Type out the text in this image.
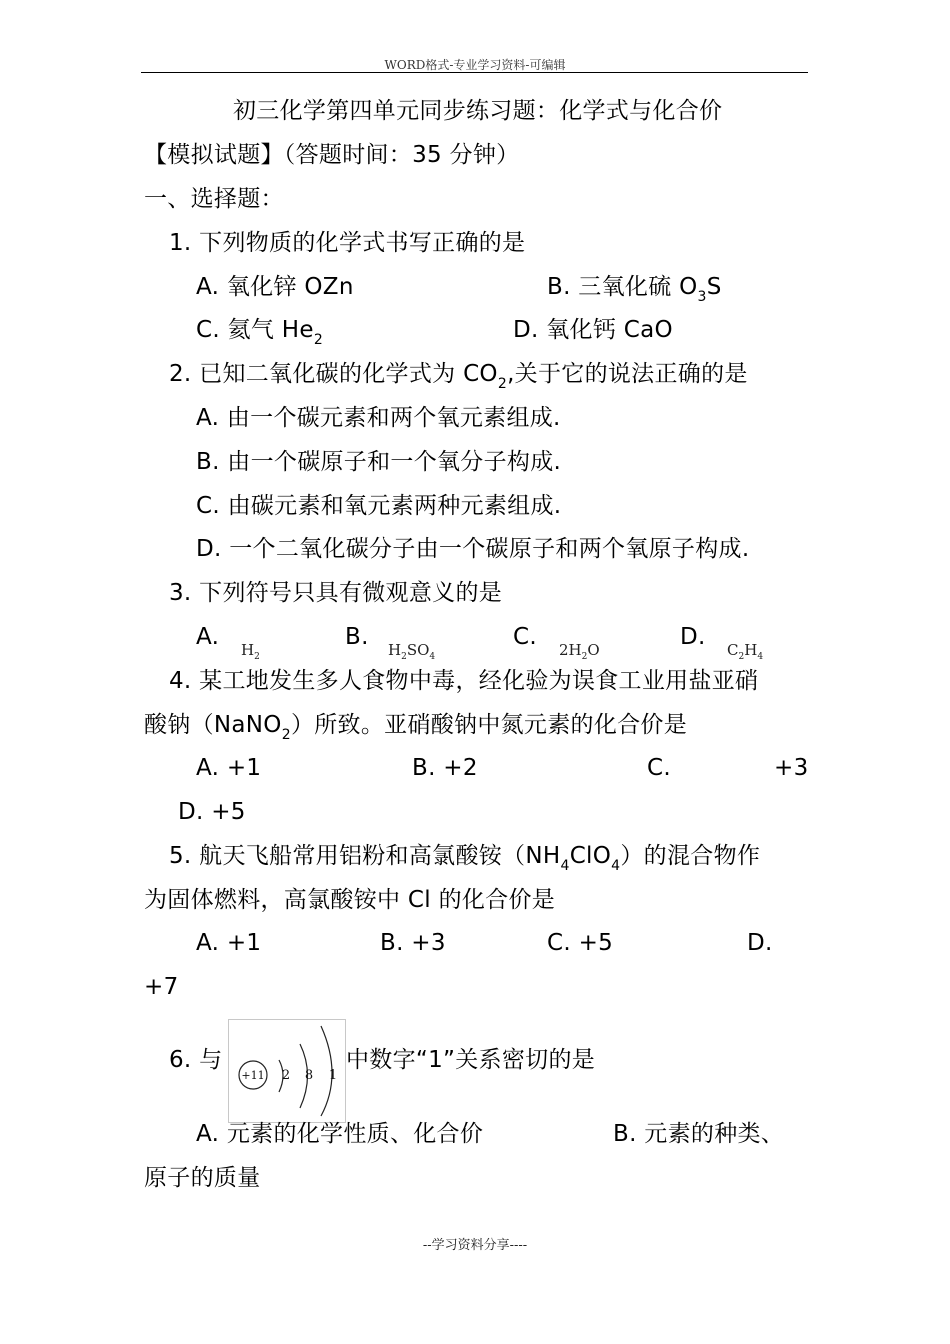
WORD格式-专业学习资料-可编辑
初三化学第四单元同步练习题：化学式与化合价
【模拟试题】（答题时间：35 分钟）
一、选择题：
1. 下列物质的化学式书写正确的是
A. 氧化锌 OZn	B. 三氧化硫 $O_3S$
C. 氦气 $He_2$	D. 氧化钙 CaO
2. 已知二氧化碳的化学式为 $CO_2$,关于它的说法正确的是
A. 由一个碳元素和两个氧元素组成.
B. 由一个碳原子和一个氧分子构成.
C. 由碳元素和氧元素两种元素组成.
D. 一个二氧化碳分子由一个碳原子和两个氧原子构成.
3. 下列符号只具有微观意义的是
A. $H_2$
B. $H_2SO_4$
C. $2H_2O$	D. $C_2H_4$
4. 某工地发生多人食物中毒，经化验为误食工业用盐亚硝
酸钠（NaNO$_2$）所致。亚硝酸钠中氮元素的化合价是
A. +1	B. +2	C.	+3
D. +5
5. 航天飞船常用铝粉和高氯酸铵$(NH_4ClO_4)$的混合物作
为固体燃料，高氯酸铵中 Cl 的化合价是
A. +1	B. +3	C. +5	D.
+7
6. 与
+11 2 8 1
中数字“1”关系密切的是
A. 元素的化学性质、化合价	B. 元素的种类、
原子的质量
--学习资料分享----
